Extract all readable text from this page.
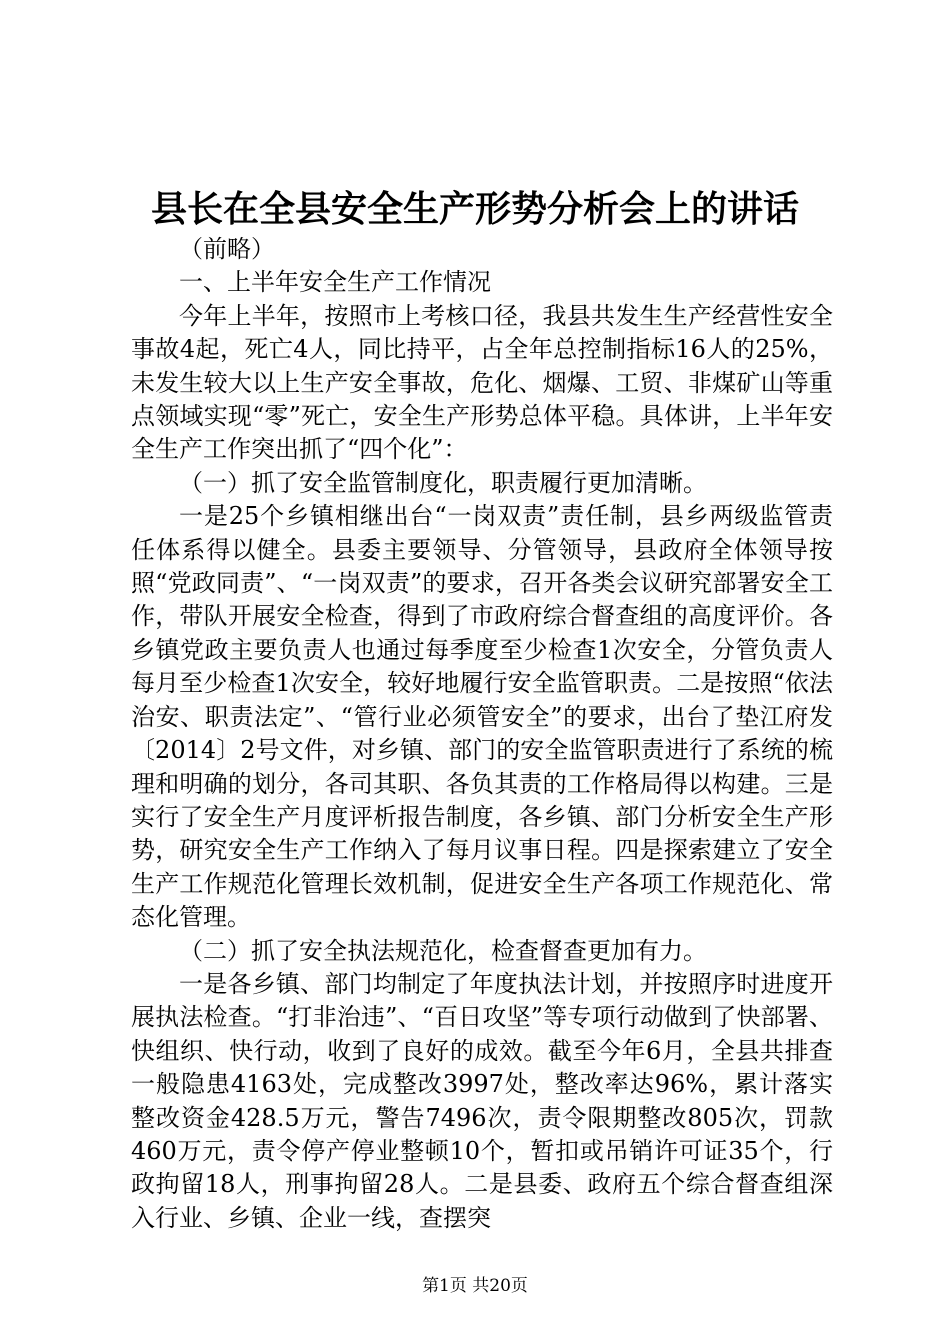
县长在全县安全生产形势分析会上的讲话

（前略）

一、上半年安全生产工作情况

今年上半年，按照市上考核口径，我县共发生生产经营性安全事故4起，死亡4人，同比持平，占全年总控制指标16人的25%，未发生较大以上生产安全事故，危化、烟爆、工贸、非煤矿山等重点领域实现“零”死亡，安全生产形势总体平稳。具体讲，上半年安全生产工作突出抓了“四个化”：

（一）抓了安全监管制度化，职责履行更加清晰。

一是25个乡镇相继出台“一岗双责”责任制，县乡两级监管责任体系得以健全。县委主要领导、分管领导，县政府全体领导按照“党政同责”、“一岗双责”的要求，召开各类会议研究部署安全工作，带队开展安全检查，得到了市政府综合督查组的高度评价。各乡镇党政主要负责人也通过每季度至少检查1次安全，分管负责人每月至少检查1次安全，较好地履行安全监管职责。二是按照“依法治安、职责法定”、“管行业必须管安全”的要求，出台了垫江府发〔2014〕2号文件，对乡镇、部门的安全监管职责进行了系统的梳理和明确的划分，各司其职、各负其责的工作格局得以构建。三是实行了安全生产月度评析报告制度，各乡镇、部门分析安全生产形势，研究安全生产工作纳入了每月议事日程。四是探索建立了安全生产工作规范化管理长效机制，促进安全生产各项工作规范化、常态化管理。

（二）抓了安全执法规范化，检查督查更加有力。

一是各乡镇、部门均制定了年度执法计划，并按照序时进度开展执法检查。“打非治违”、“百日攻坚”等专项行动做到了快部署、快组织、快行动，收到了良好的成效。截至今年6月，全县共排查一般隐患4163处，完成整改3997处，整改率达96%，累计落实整改资金428.5万元，警告7496次，责令限期整改805次，罚款460万元，责令停产停业整顿10个，暂扣或吊销许可证35个，行政拘留18人，刑事拘留28人。二是县委、政府五个综合督查组深入行业、乡镇、企业一线，查摆突

第1页 共20页
